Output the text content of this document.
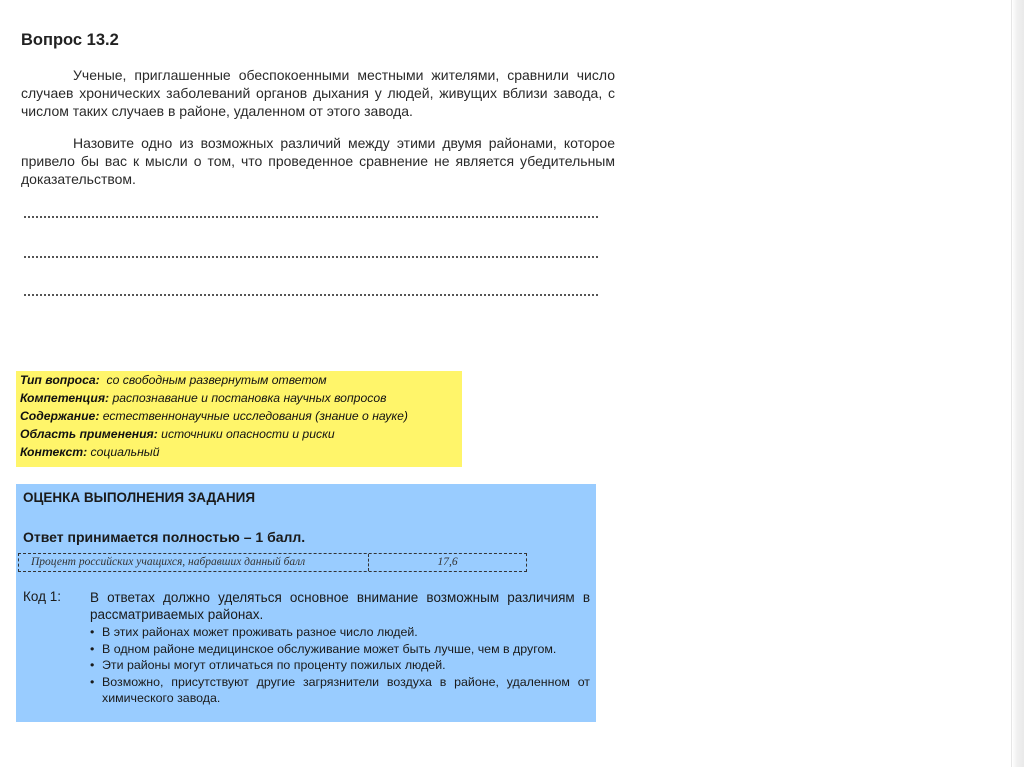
Вопрос 13.2
Ученые, приглашенные обеспокоенными местными жителями, сравнили число случаев хронических заболеваний органов дыхания у людей, живущих вблизи завода, с числом таких случаев в районе, удаленном от этого завода.
Назовите одно из возможных различий между этими двумя районами, которое привело бы вас к мысли о том, что проведенное сравнение не является убедительным доказательством.
Тип вопроса: со свободным развернутым ответом
Компетенция: распознавание и постановка научных вопросов
Содержание: естественнонаучные исследования (знание о науке)
Область применения: источники опасности и риски
Контекст: социальный
ОЦЕНКА ВЫПОЛНЕНИЯ ЗАДАНИЯ
Ответ принимается полностью – 1 балл.
Процент российских учащихся, набравших данный балл	17,6
Код 1: В ответах должно уделяться основное внимание возможным различиям в рассматриваемых районах.
• В этих районах может проживать разное число людей.
• В одном районе медицинское обслуживание может быть лучше, чем в другом.
• Эти районы могут отличаться по проценту пожилых людей.
• Возможно, присутствуют другие загрязнители воздуха в районе, удаленном от химического завода.
